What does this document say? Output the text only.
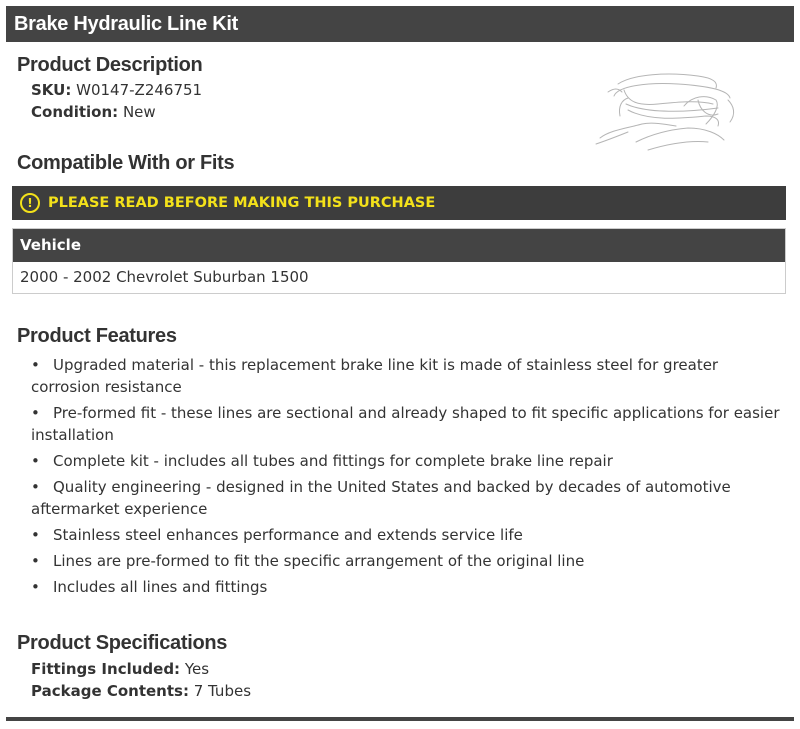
Brake Hydraulic Line Kit
Product Description
SKU: W0147-Z246751
Condition: New
Compatible With or Fits
!	PLEASE READ BEFORE MAKING THIS PURCHASE
Vehicle
2000 - 2002 Chevrolet Suburban 1500
Product Features
• Upgraded material - this replacement brake line kit is made of stainless steel for greater corrosion resistance
• Pre-formed fit - these lines are sectional and already shaped to fit specific applications for easier installation
• Complete kit - includes all tubes and fittings for complete brake line repair
• Quality engineering - designed in the United States and backed by decades of automotive aftermarket experience
• Stainless steel enhances performance and extends service life
• Lines are pre-formed to fit the specific arrangement of the original line
• Includes all lines and fittings
Product Specifications
Fittings Included: Yes
Package Contents: 7 Tubes
